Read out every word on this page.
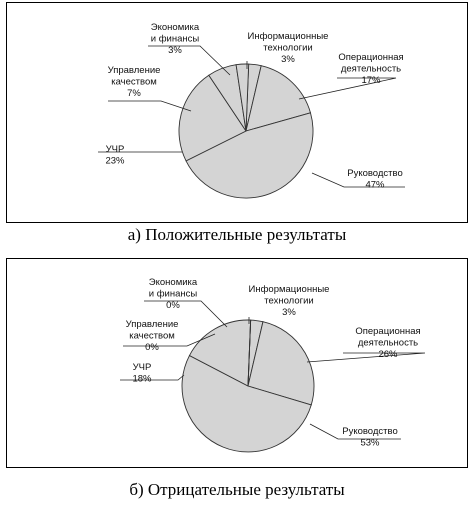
Информационные технологии 3%	Операционная деятельность 17%
Руководство 47%
УЧР 23%
Управление качеством 7%
Экономика и финансы 3%
а) Положительные результаты
Информационные технологии 3%
Операционная деятельность 26%
Руководство 53%
УЧР 18%
Управление качеством 0%
Экономика и финансы 0%
б) Отрицательные результаты
